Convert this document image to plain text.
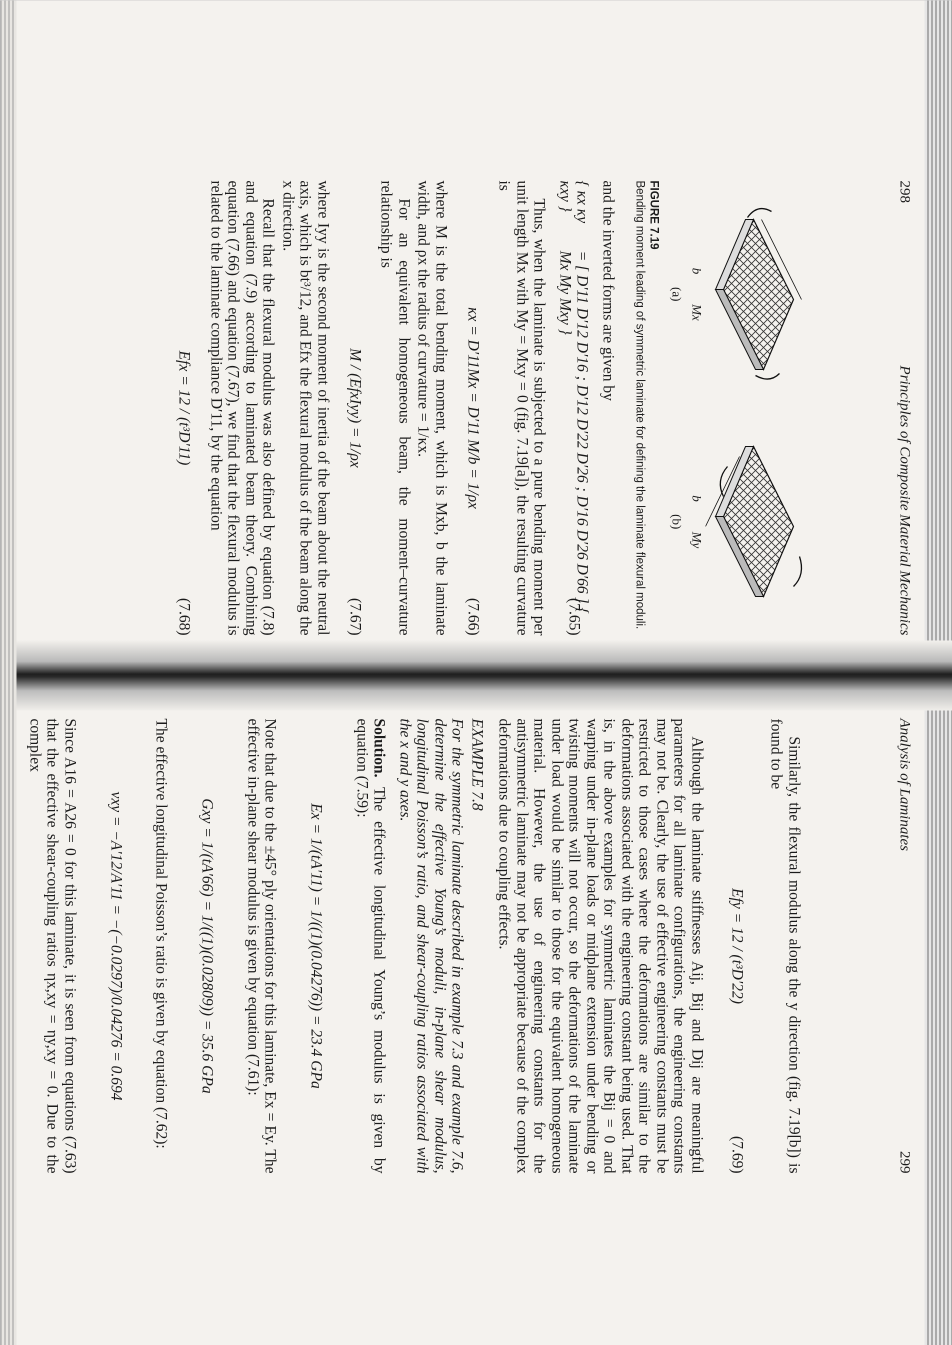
298
Principles of Composite Material Mechanics
b
Mx
(a)
b
My
(b)
FIGURE 7.19
Bending moment leading of symmetric laminate for defining the laminate flexural moduli.

and the inverted forms are given by

{ κx κy κxy }

= [ D′11 D′12 D′16 ; D′12 D′22 D′26 ; D′16 D′26 D′66 ] { Mx My Mxy }
(7.65)

Thus, when the laminate is subjected to a pure bending moment per unit length Mx with My = Mxy = 0 (fig. 7.19[a]), the resulting curvature is

κx = D′11Mx = D′11 M/b = 1/ρx
(7.66)

where M is the total bending moment, which is Mxb, b the laminate width, and ρx the radius of curvature = 1/κx.

For an equivalent homogeneous beam, the moment–curvature relationship is

M / (EfxIyy) = 1/ρx
(7.67)

where Iyy is the second moment of inertia of the beam about the neutral axis, which is bt³/12, and Efx the flexural modulus of the beam along the x direction.

Recall that the flexural modulus was also defined by equation (7.8) and equation (7.9) according to laminated beam theory. Combining equation (7.66) and equation (7.67), we find that the flexural modulus is related to the laminate compliance D′11, by the equation

Efx = 12 / (t³D′11)
(7.68)
Analysis of Laminates
299

Similarly, the flexural modulus along the y direction (fig. 7.19[b]) is found to be

Efy = 12 / (t³D′22)
(7.69)

Although the laminate stiffnesses Aij, Bij and Dij are meaningful parameters for all laminate configurations, the engineering constants may not be. Clearly, the use of effective engineering constants must be restricted to those cases where the deformations are similar to the deformations associated with the engineering constant being used. That is, in the above examples for symmetric laminates the Bij = 0 and warping under in-plane loads or midplane extension under bending or twisting moments will not occur, so the deformations of the laminate under load would be similar to those for the equivalent homogeneous material. However, the use of engineering constants for the antisymmetric laminate may not be appropriate because of the complex deformations due to coupling effects.

EXAMPLE 7.8

For the symmetric laminate described in example 7.3 and example 7.6, determine the effective Young’s moduli, in-plane shear modulus, longitudinal Poisson’s ratio, and shear-coupling ratios associated with the x and y axes.

Solution. The effective longitudinal Young’s modulus is given by equation (7.59):

Ex = 1/(tA′11) = 1/((1)(0.04276)) = 23.4 GPa

Note that due to the ±45° ply orientations for this laminate, Ex = Ey. The effective in-plane shear modulus is given by equation (7.61):

Gxy = 1/(tA′66) = 1/((1)(0.02809)) = 35.6 GPa

The effective longitudinal Poisson’s ratio is given by equation (7.62):

νxy = −A′12/A′11 = −(−0.0297)/0.04276 = 0.694

Since A16 = A26 = 0 for this laminate, it is seen from equations (7.63) that the effective shear-coupling ratios ηx,xy = ηy,xy = 0. Due to the complex
